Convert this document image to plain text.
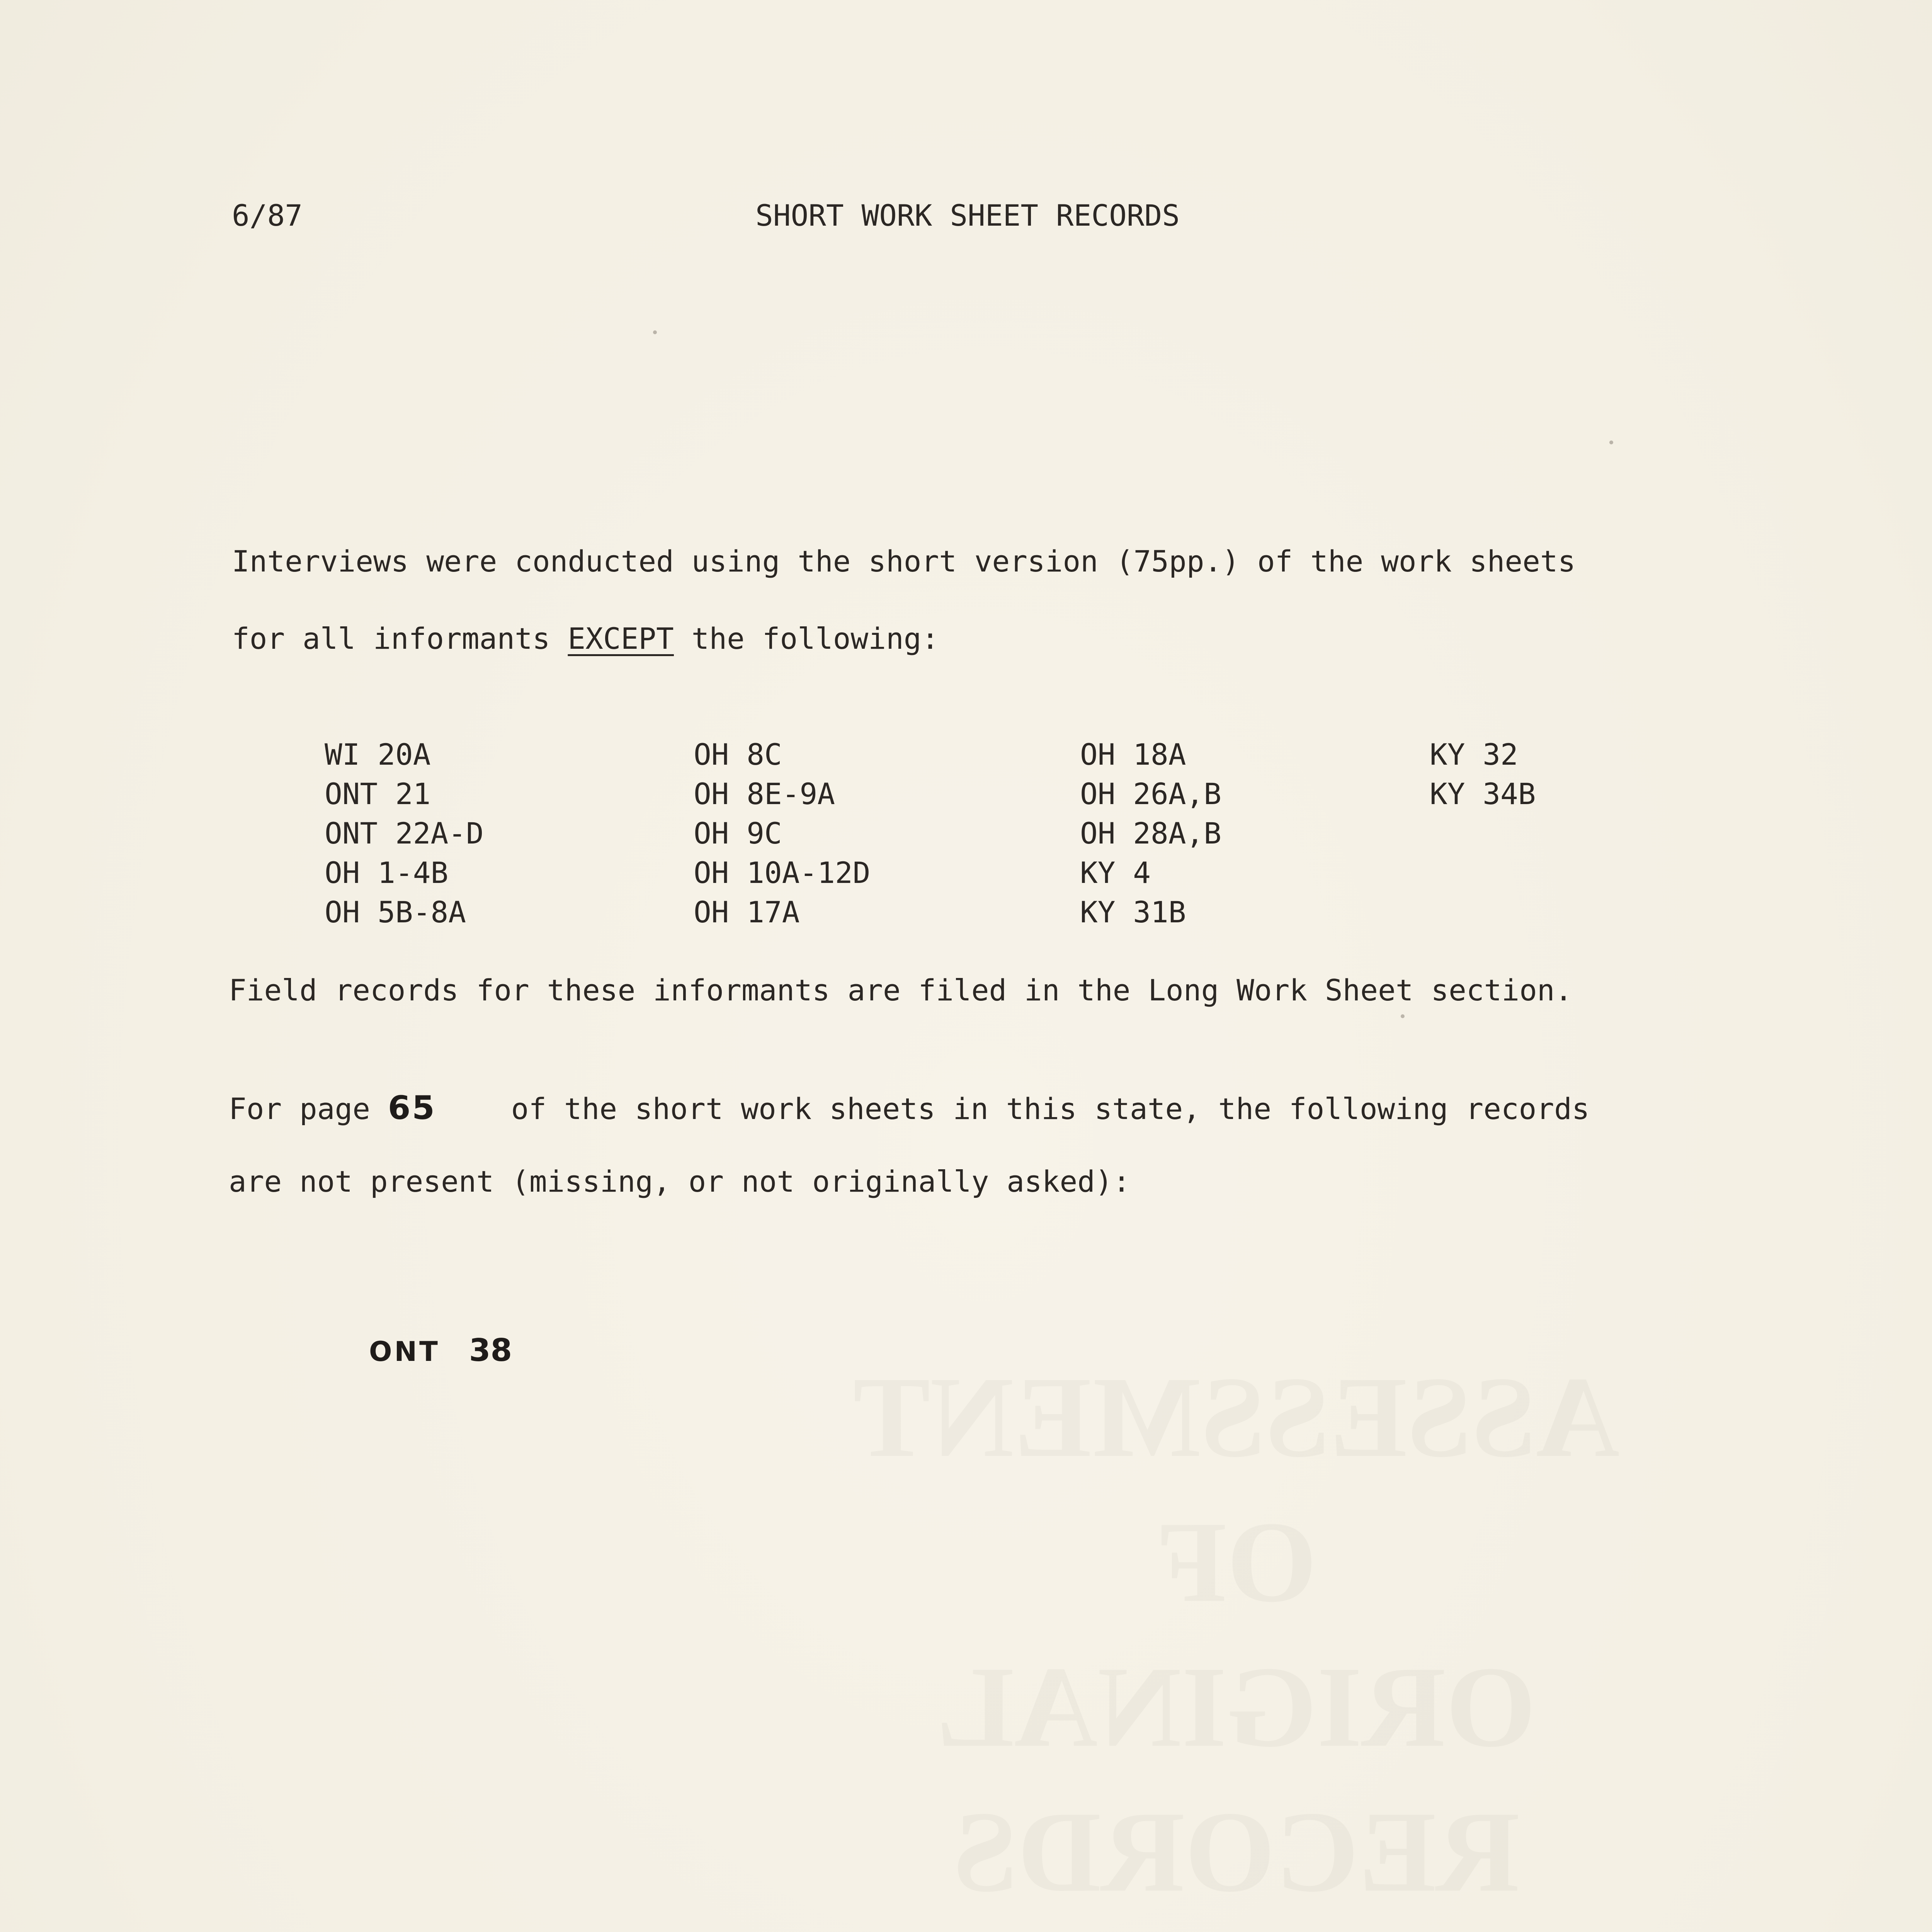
ASSESSMENT OF
ORIGINAL RECORDS
6/87	SHORT WORK SHEET RECORDS
Interviews were conducted using the short version (75pp.) of the work sheets
for all informants EXCEPT the following:
WI 20A
ONT 21
ONT 22A-D
OH 1-4B
OH 5B-8A
OH 8C
OH 8E-9A
OH 9C
OH 10A-12D
OH 17A
OH 18A
OH 26A,B
OH 28A,B
KY 4
KY 31B
KY 32
KY 34B
Field records for these informants are filed in the Long Work Sheet section.
For page 65 of the short work sheets in this state, the following records
are not present (missing, or not originally asked):
ONT 38
